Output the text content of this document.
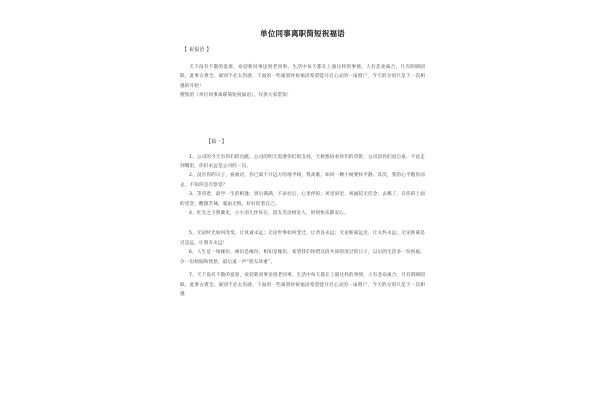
单位同事离职简短祝福语
【 祝福语 】

天下没有不散的宴席，欢迎新同事送别老同事。生活中每天都在上演这样的事情，人有悲欢离合，月有阴晴圆缺，此事古难全。离别不必太伤感，下面的一些离别时祝福语希望能开启心灵的一扇窗户，今天的分别只是下一次相遇的开始！

搜集的《单位同事离职简短祝福语》，仅供大家借鉴！

【篇一】

1、公司的今天有你们的贡献，公司的明天需要你们的支持，天桥擦肩看你们的背影，公司因你们而自豪，不论走到哪里，你们永远是公司的一员。

2、没有你的日子，祝福语，你已离不开远方的地平线，我高歌，如同一颗小树要样平静。其次，我的心平随你而去，不知你是否察觉？

3、等待着，最学一生的相逢；别后满满，不求往后，心里停的；风里雨里，祝福陪无挂念；去哪了，在你的上面的里念，酸甜苦辣，暮雨无悔，好好陪着自己。

4、红光之下照冀见，小小羽儿伴你在，留友笑语相见人，时刻快乐都安心。

5、无论时光如何改变，让真诚永远；无论世事如何变迁，让善良永远；无论距离远近，让关怀永远；无论距离是近是远，让朋友永远！

6、人生是一场缘份，相识是缘份，相知是缘份，希望我们珍惜这段共同的度过的日子，以后的生活多一份祝福，少一份烦恼和忧愁，最后道一声“朋友珍重”。

7、天下没有不散的宴席，欢迎新同事送别老同事。生活中每天都在上演这样的事情，人有悲欢离合，月有阴晴圆缺，此事古难全。离别不必太伤感，下面的一些离别时祝福语希望能开启心灵的一扇窗户，今天的分别只是下一次相遇
